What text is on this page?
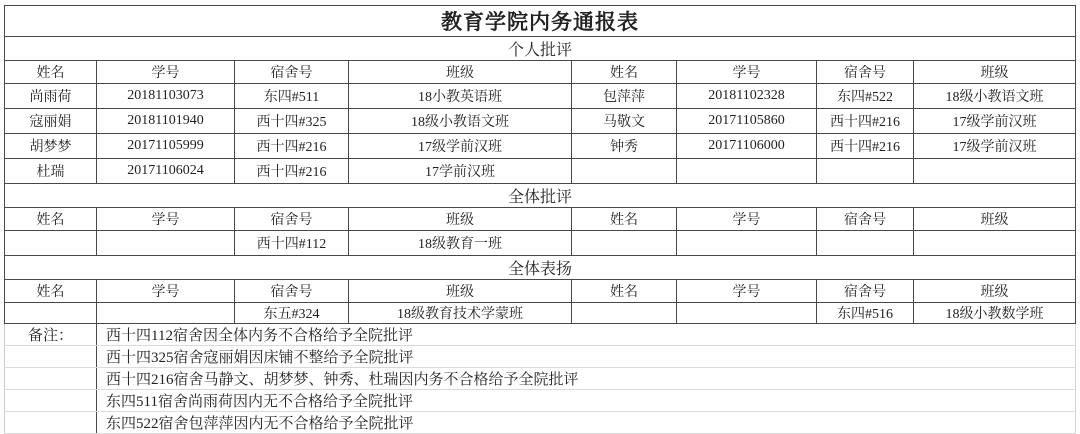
教育学院内务通报表							
个人批评							
姓名	学号	宿舍号	班级	姓名	学号	宿舍号	班级
尚雨荷	20181103073	东四#511	18小教英语班	包萍萍	20181102328	东四#522	18级小教语文班
寇丽娟	20181101940	西十四#325	18级小教语文班	马敬文	20171105860	西十四#216	17级学前汉班
胡梦梦	20171105999	西十四#216	17级学前汉班	钟秀	20171106000	西十四#216	17级学前汉班
杜瑞	20171106024	西十四#216	17学前汉班				
全体批评							
姓名	学号	宿舍号	班级	姓名	学号	宿舍号	班级
		西十四#112	18级教育一班				
全体表扬							
姓名	学号	宿舍号	班级	姓名	学号	宿舍号	班级
		东五#324	18级教育技术学蒙班			东四#516	18级小教数学班
备注：	西十四112宿舍因全体内务不合格给予全院批评						
	西十四325宿舍寇丽娟因床铺不整给予全院批评						
	西十四216宿舍马静文、胡梦梦、钟秀、杜瑞因内务不合格给予全院批评						
	东四511宿舍尚雨荷因内无不合格给予全院批评						
	东四522宿舍包萍萍因内无不合格给予全院批评						
